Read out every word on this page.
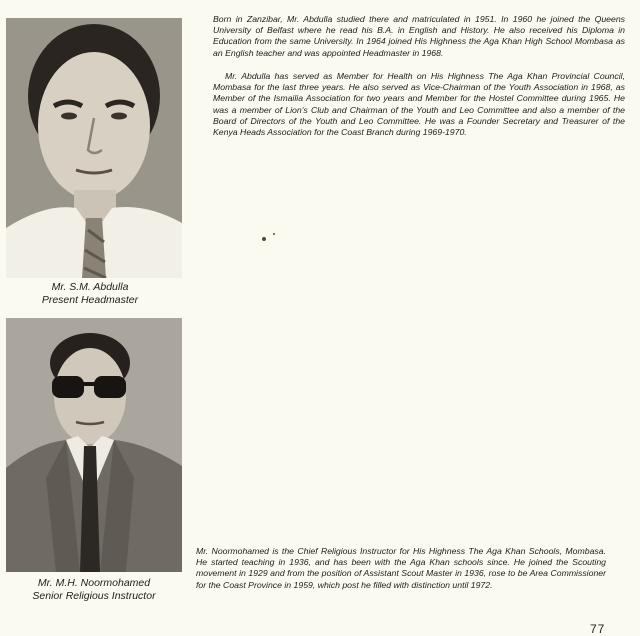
Mr. S.M. Abdulla
Present Headmaster
Mr. M.H. Noormohamed
Senior Religious Instructor

Born in Zanzibar, Mr. Abdulla studied there and matriculated in 1951. In 1960 he joined the Queens University of Belfast where he read his B.A. in English and History. He also received his Diploma in Education from the same University. In 1964 joined His Highness the Aga Khan High School Mombasa as an English teacher and was appointed Headmaster in 1968.

Mr. Abdulla has served as Member for Health on His Highness The Aga Khan Provincial Council, Mombasa for the last three years. He also served as Vice-Chairman of the Youth Association in 1968, as Member of the Ismailia Association for two years and Member for the Hostel Committee during 1965. He was a member of Lion's Club and Chairman of the Youth and Leo Committee and also a member of the Board of Directors of the Youth and Leo Committee. He was a Founder Secretary and Treasurer of the Kenya Heads Association for the Coast Branch during 1969-1970.

Mr. Noormohamed is the Chief Religious Instructor for His Highness The Aga Khan Schools, Mombasa. He started teaching in 1936, and has been with the Aga Khan schools since. He joined the Scouting movement in 1929 and from the position of Assistant Scout Master in 1936, rose to be Area Commissioner for the Coast Province in 1959, which post he filled with distinction until 1972.

77
